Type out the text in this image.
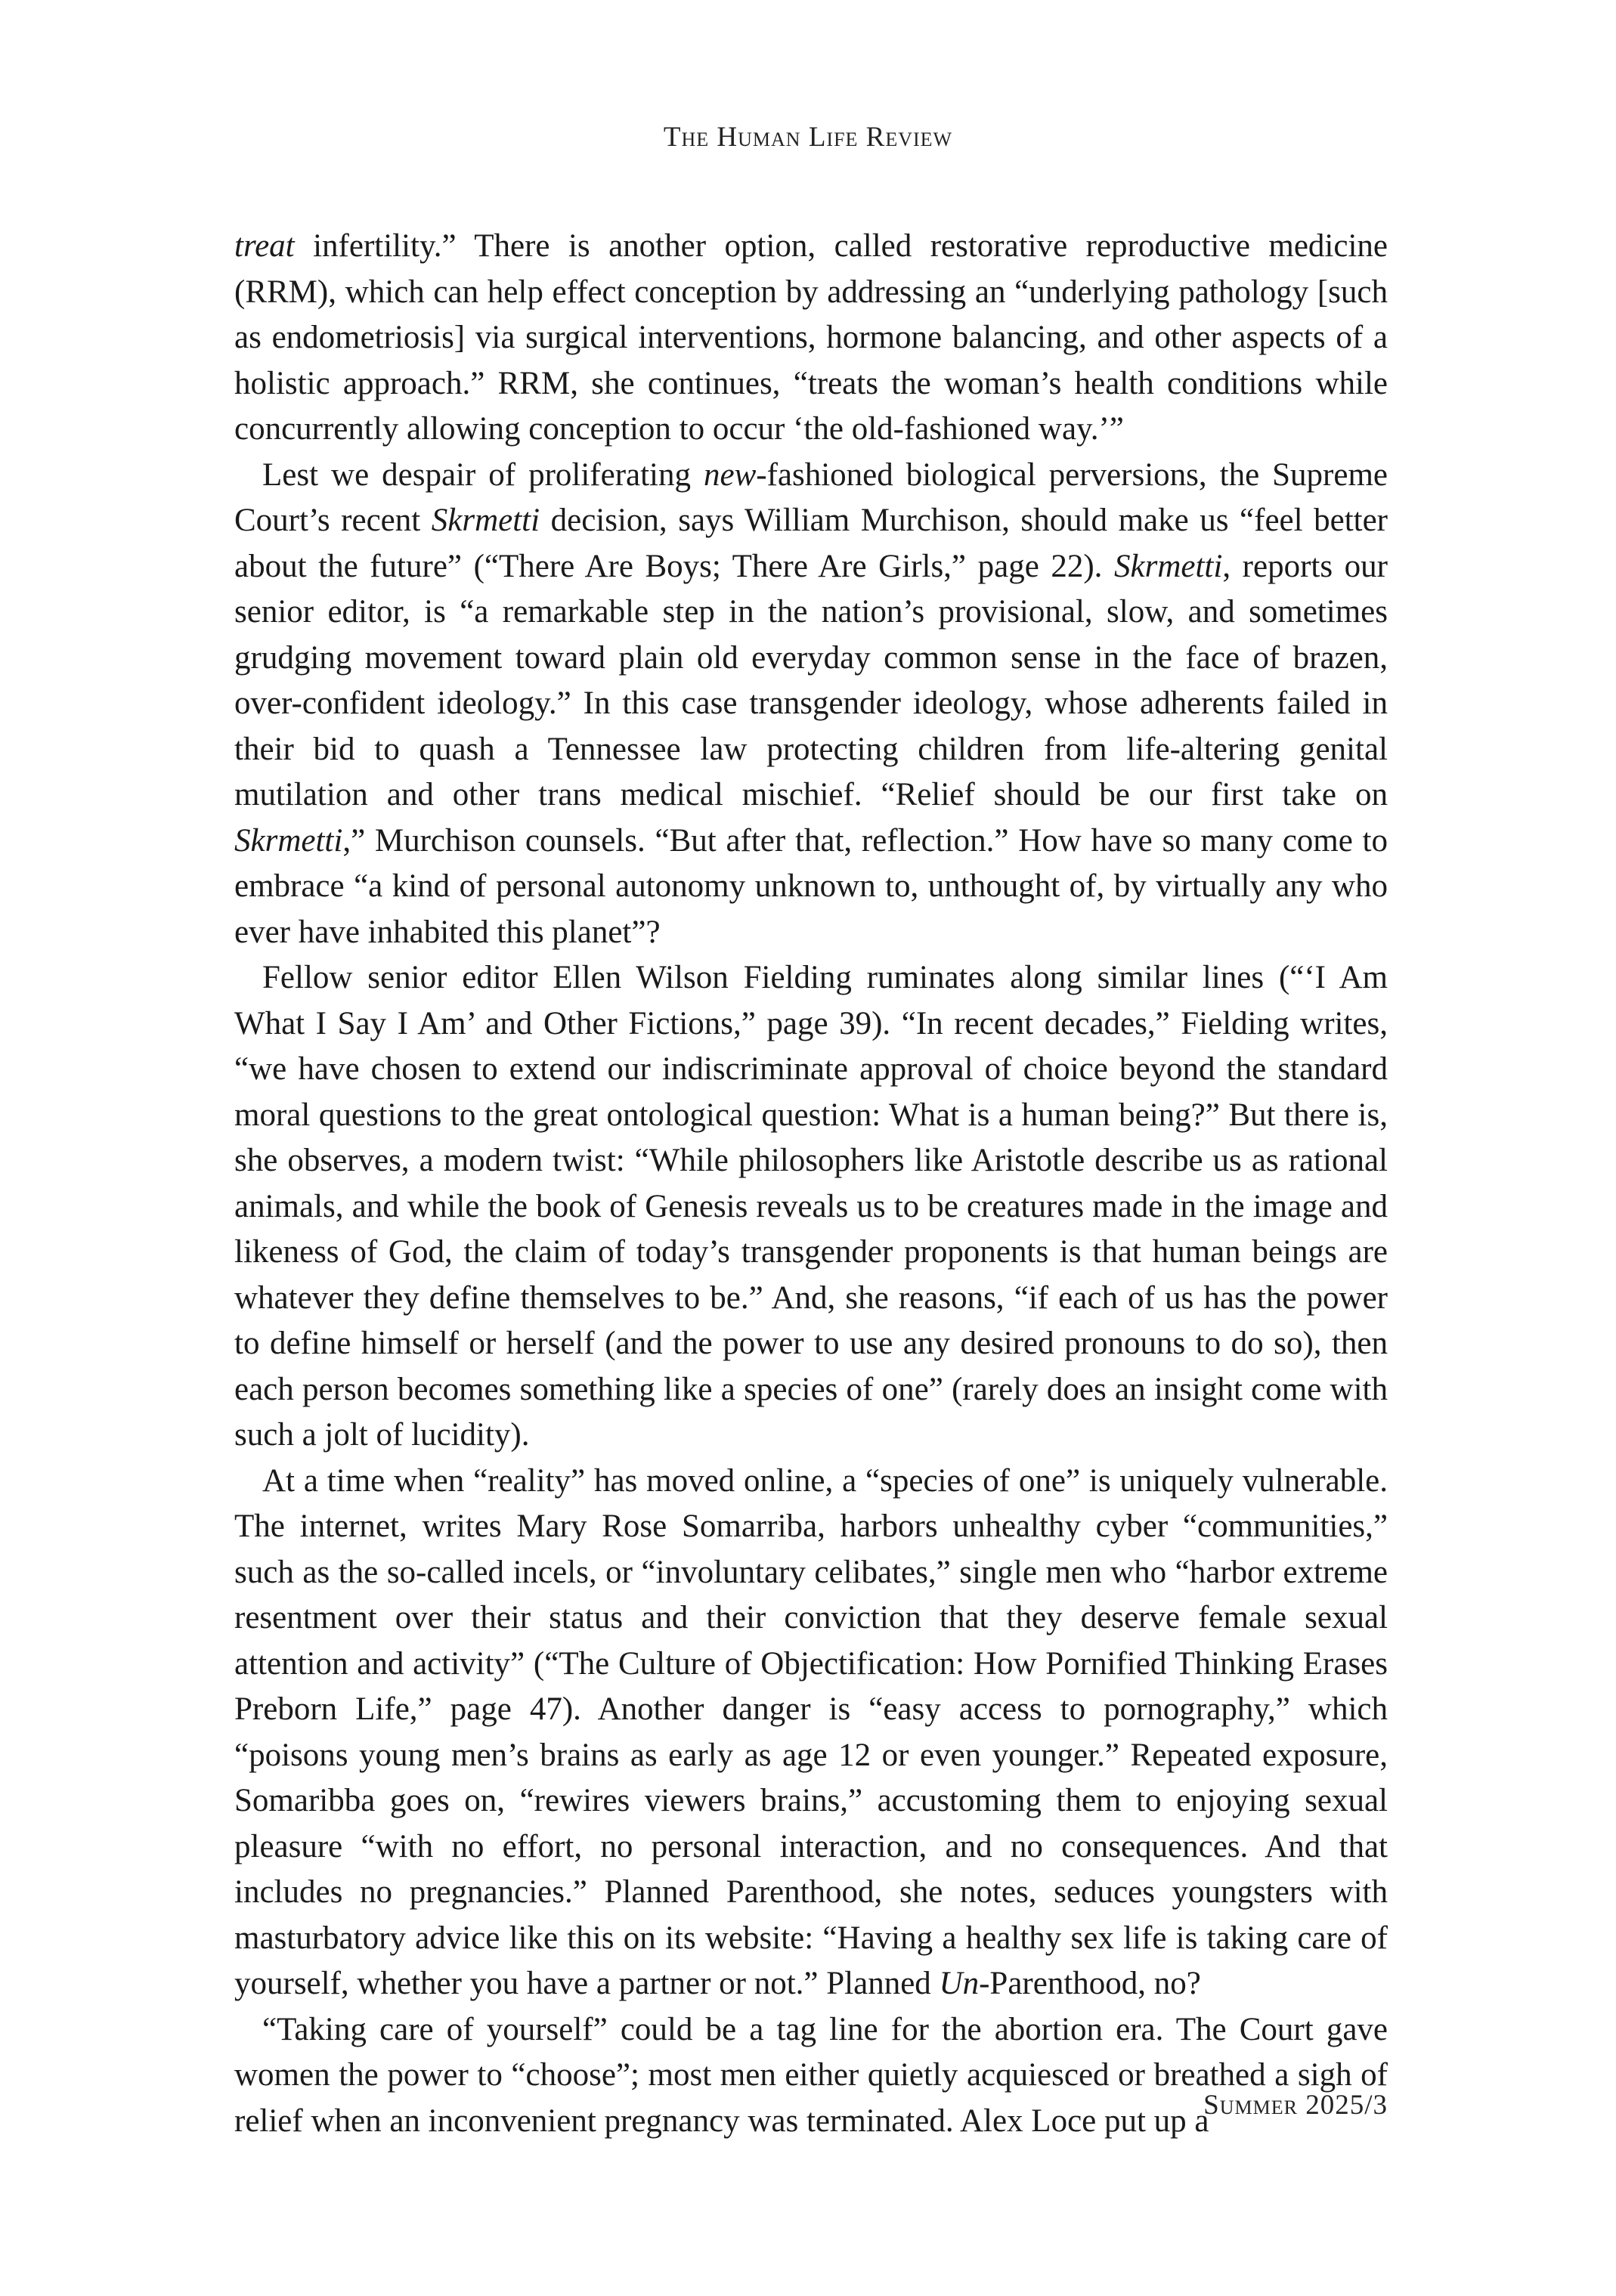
The Human Life Review

treat infertility.” There is another option, called restorative reproductive medicine (RRM), which can help effect conception by addressing an “underlying pathology [such as endometriosis] via surgical interventions, hormone balancing, and other aspects of a holistic approach.” RRM, she continues, “treats the woman’s health conditions while concurrently allowing conception to occur ‘the old-fashioned way.’”

Lest we despair of proliferating new-fashioned biological perversions, the Supreme Court’s recent Skrmetti decision, says William Murchison, should make us “feel better about the future” (“There Are Boys; There Are Girls,” page 22). Skrmetti, reports our senior editor, is “a remarkable step in the nation’s provisional, slow, and sometimes grudging movement toward plain old everyday common sense in the face of brazen, over-confident ideology.” In this case transgender ideology, whose adherents failed in their bid to quash a Tennessee law protecting children from life-altering genital mutilation and other trans medical mischief. “Relief should be our first take on Skrmetti,” Murchison counsels. “But after that, reflection.” How have so many come to embrace “a kind of personal autonomy unknown to, unthought of, by virtually any who ever have inhabited this planet”?

Fellow senior editor Ellen Wilson Fielding ruminates along similar lines (“‘I Am What I Say I Am’ and Other Fictions,” page 39). “In recent decades,” Fielding writes, “we have chosen to extend our indiscriminate approval of choice beyond the standard moral questions to the great ontological question: What is a human being?” But there is, she observes, a modern twist: “While philosophers like Aristotle describe us as rational animals, and while the book of Genesis reveals us to be creatures made in the image and likeness of God, the claim of today’s transgender proponents is that human beings are whatever they define themselves to be.” And, she reasons, “if each of us has the power to define himself or herself (and the power to use any desired pronouns to do so), then each person becomes something like a species of one” (rarely does an insight come with such a jolt of lucidity).

At a time when “reality” has moved online, a “species of one” is uniquely vulnerable. The internet, writes Mary Rose Somarriba, harbors unhealthy cyber “communities,” such as the so-called incels, or “involuntary celibates,” single men who “harbor extreme resentment over their status and their conviction that they deserve female sexual attention and activity” (“The Culture of Objectification: How Pornified Thinking Erases Preborn Life,” page 47). Another danger is “easy access to pornography,” which “poisons young men’s brains as early as age 12 or even younger.” Repeated exposure, Somaribba goes on, “rewires viewers brains,” accustoming them to enjoying sexual pleasure “with no effort, no personal interaction, and no consequences. And that includes no pregnancies.” Planned Parenthood, she notes, seduces youngsters with masturbatory advice like this on its website: “Having a healthy sex life is taking care of yourself, whether you have a partner or not.” Planned Un-Parenthood, no?

“Taking care of yourself” could be a tag line for the abortion era. The Court gave women the power to “choose”; most men either quietly acquiesced or breathed a sigh of relief when an inconvenient pregnancy was terminated. Alex Loce put up a

Summer 2025/3
